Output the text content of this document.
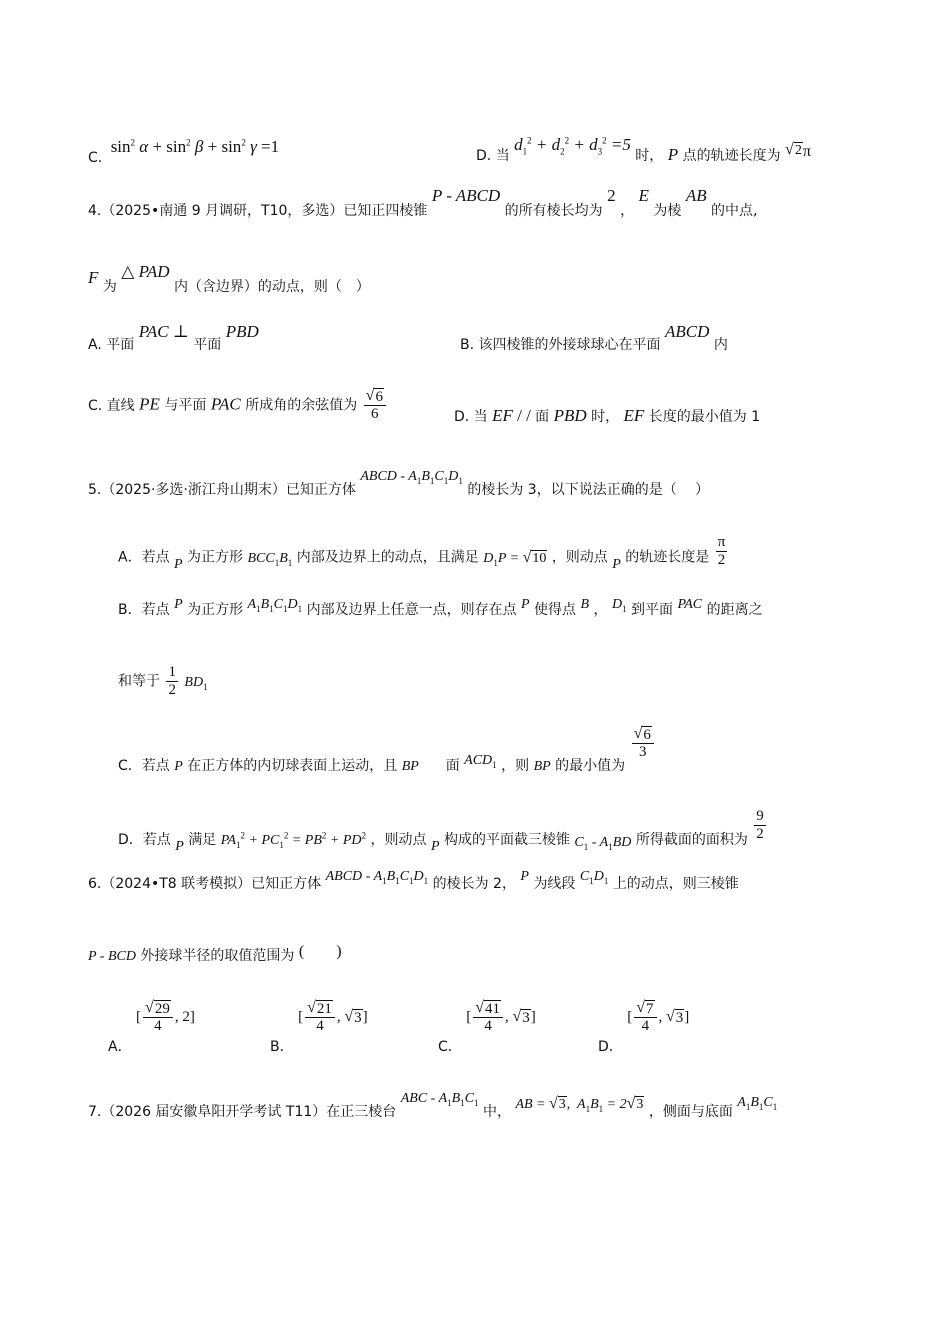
C. $\sin^2 \alpha + \sin^2 \beta + \sin^2 \gamma =1$	D. 当 $d_1^2 + d_2^2 + d_3^2 =5$ 时， P 点的轨迹长度为 √ 2 π
4.（2025•南通 9 月调研，T10，多选）已知正四棱锥 P - ABCD 的所有棱长均为 2 ， E 为棱 AB 的中点,
F 为 △ PAD 内（含边界）的动点，则（　）
A. 平面 PAC ⊥ 平面 PBD
B. 该四棱锥的外接球球心在平面 ABCD 内
C. 直线 PE 与平面 PAC 所成角的余弦值为 $\frac{√ 6}{6}$	D. 当 EF / / 面 PBD 时， EF 长度的最小值为 1
5.（2025·多选·浙江舟山期末）已知正方体 ABCD - $A_1B_1C_1D_1$ 的棱长为 3，以下说法正确的是（　 ）
A．若点 P 为正方形 $BCC_1B_1$ 内部及边界上的动点，且满足 $D_1P$ = √ 10 ，则动点 P 的轨迹长度是 $\frac{\pi}{2}$
B．若点 P 为正方形 $A_1B_1C_1D_1$ 内部及边界上任意一点，则存在点 P 使得点 B ， $D_1$ 到平面 PAC 的距离之
和等于 $\frac{1}{2} BD_1$
C．若点 P 在正方体的内切球表面上运动，且 BP 面 $ACD_1$ ，则 BP 的最小值为
$\frac{√ 6}{3}$
D．若点 P 满足 $PA_1^2 + PC_1^2 = PB^2 + PD^2$ ，则动点 P 构成的平面截三棱锥 $C_1 - A_1BD$ 所得截面的面积为 $\frac{9}{2}$
6.（2024•T8 联考模拟）已知正方体 ABCD - $A_1B_1C_1D_1$ 的棱长为 2， P 为线段 $C_1D_1$ 上的动点，则三棱锥
P - BCD 外接球半径的取值范围为 (　　)
A． [ $\frac{√ 29}{4}$ , 2]
B． [ $\frac{√ 21}{4}$ , √ 3 ]
C． [ $\frac{√ 41}{4}$ , √ 3 ]
D． [ $\frac{√ 7}{4}$ , √ 3 ]
7.（2026 届安徽阜阳开学考试 T11）在正三棱台 ABC - $A_1B_1C_1$ 中， AB = √ 3 ,  $A_1B_1 = 2$ √ 3 ，侧面与底面 $A_1B_1C_1$
